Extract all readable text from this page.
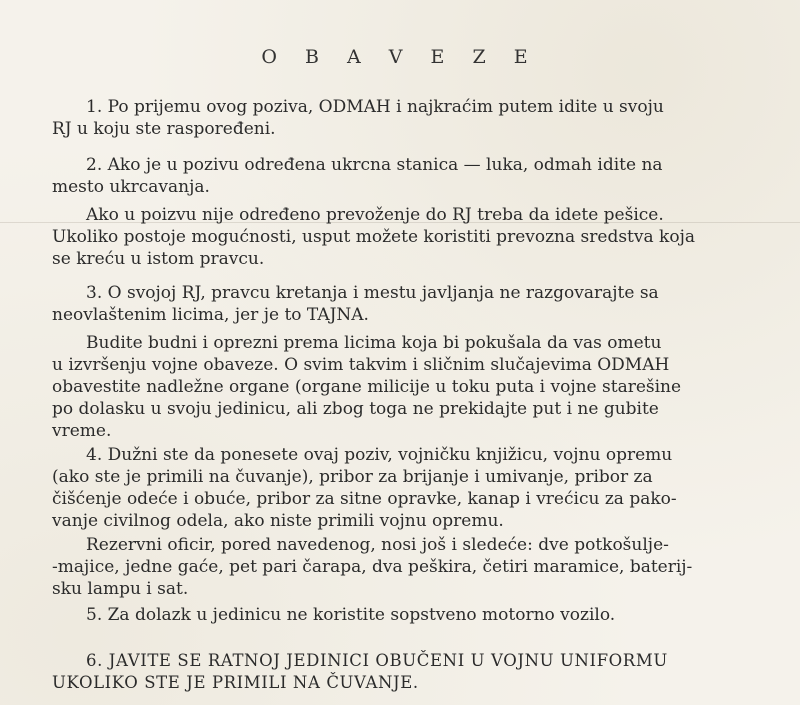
O B A V E Z E
1. Po prijemu ovog poziva, ODMAH i najkraćim putem idite u svoju
RJ u koju ste raspoređeni.
2. Ako je u pozivu određena ukrcna stanica — luka, odmah idite na
mesto ukrcavanja.
Ako u poizvu nije određeno prevoženje do RJ treba da idete pešice.
Ukoliko postoje mogućnosti, usput možete koristiti prevozna sredstva koja
se kreću u istom pravcu.
3. O svojoj RJ, pravcu kretanja i mestu javljanja ne razgovarajte sa
neovlaštenim licima, jer je to TAJNA.
Budite budni i oprezni prema licima koja bi pokušala da vas ometu
u izvršenju vojne obaveze. O svim takvim i sličnim slučajevima ODMAH
obavestite nadležne organe (organe milicije u toku puta i vojne starešine
po dolasku u svoju jedinicu, ali zbog toga ne prekidajte put i ne gubite
vreme.
4. Dužni ste da ponesete ovaj poziv, vojničku knjižicu, vojnu opremu
(ako ste je primili na čuvanje), pribor za brijanje i umivanje, pribor za
čišćenje odeće i obuće, pribor za sitne opravke, kanap i vrećicu za pako-
vanje civilnog odela, ako niste primili vojnu opremu.
Rezervni oficir, pored navedenog, nosi još i sledeće: dve potkošulje-
-majice, jedne gaće, pet pari čarapa, dva peškira, četiri maramice, baterij-
sku lampu i sat.
5. Za dolazk u jedinicu ne koristite sopstveno motorno vozilo.
6. JAVITE SE RATNOJ JEDINICI OBUČENI U VOJNU UNIFORMU
UKOLIKO STE JE PRIMILI NA ČUVANJE.
